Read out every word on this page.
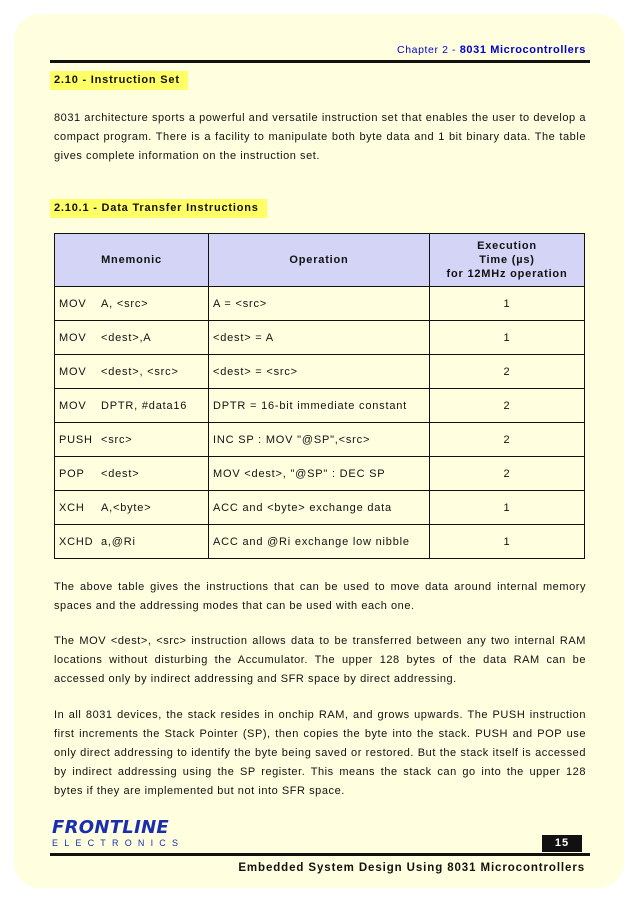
Chapter 2 - 8031 Microcontrollers
2.10 - Instruction Set

8031 architecture sports a powerful and versatile instruction set that enables the user to develop a compact program. There is a facility to manipulate both byte data and 1 bit binary data. The table gives complete information on the instruction set.

2.10.1 - Data Transfer Instructions
Mnemonic	Operation	Execution
Time (µs)
for 12MHz operation

MOV A, <src>	A = <src>	1
MOV <dest>,A	<dest> = A	1
MOV <dest>, <src>	<dest> = <src>	2
MOV DPTR, #data16	DPTR = 16-bit immediate constant	2
PUSH <src>	INC SP : MOV "@SP",<src>	2
POP <dest>	MOV <dest>, "@SP" : DEC SP	2
XCH A,<byte>	ACC and <byte> exchange data	1
XCHD a,@Ri	ACC and @Ri exchange low nibble	1

The above table gives the instructions that can be used to move data around internal memory spaces and the addressing modes that can be used with each one.

The MOV <dest>, <src> instruction allows data to be transferred between any two internal RAM locations without disturbing the Accumulator. The upper 128 bytes of the data RAM can be accessed only by indirect addressing and SFR space by direct addressing.

In all 8031 devices, the stack resides in onchip RAM, and grows upwards. The PUSH instruction first increments the Stack Pointer (SP), then copies the byte into the stack. PUSH and POP use only direct addressing to identify the byte being saved or restored. But the stack itself is accessed by indirect addressing using the SP register. This means the stack can go into the upper 128 bytes if they are implemented but not into SFR space.

FRONTLINE
ELECTRONICS	15
Embedded System Design Using 8031 Microcontrollers
